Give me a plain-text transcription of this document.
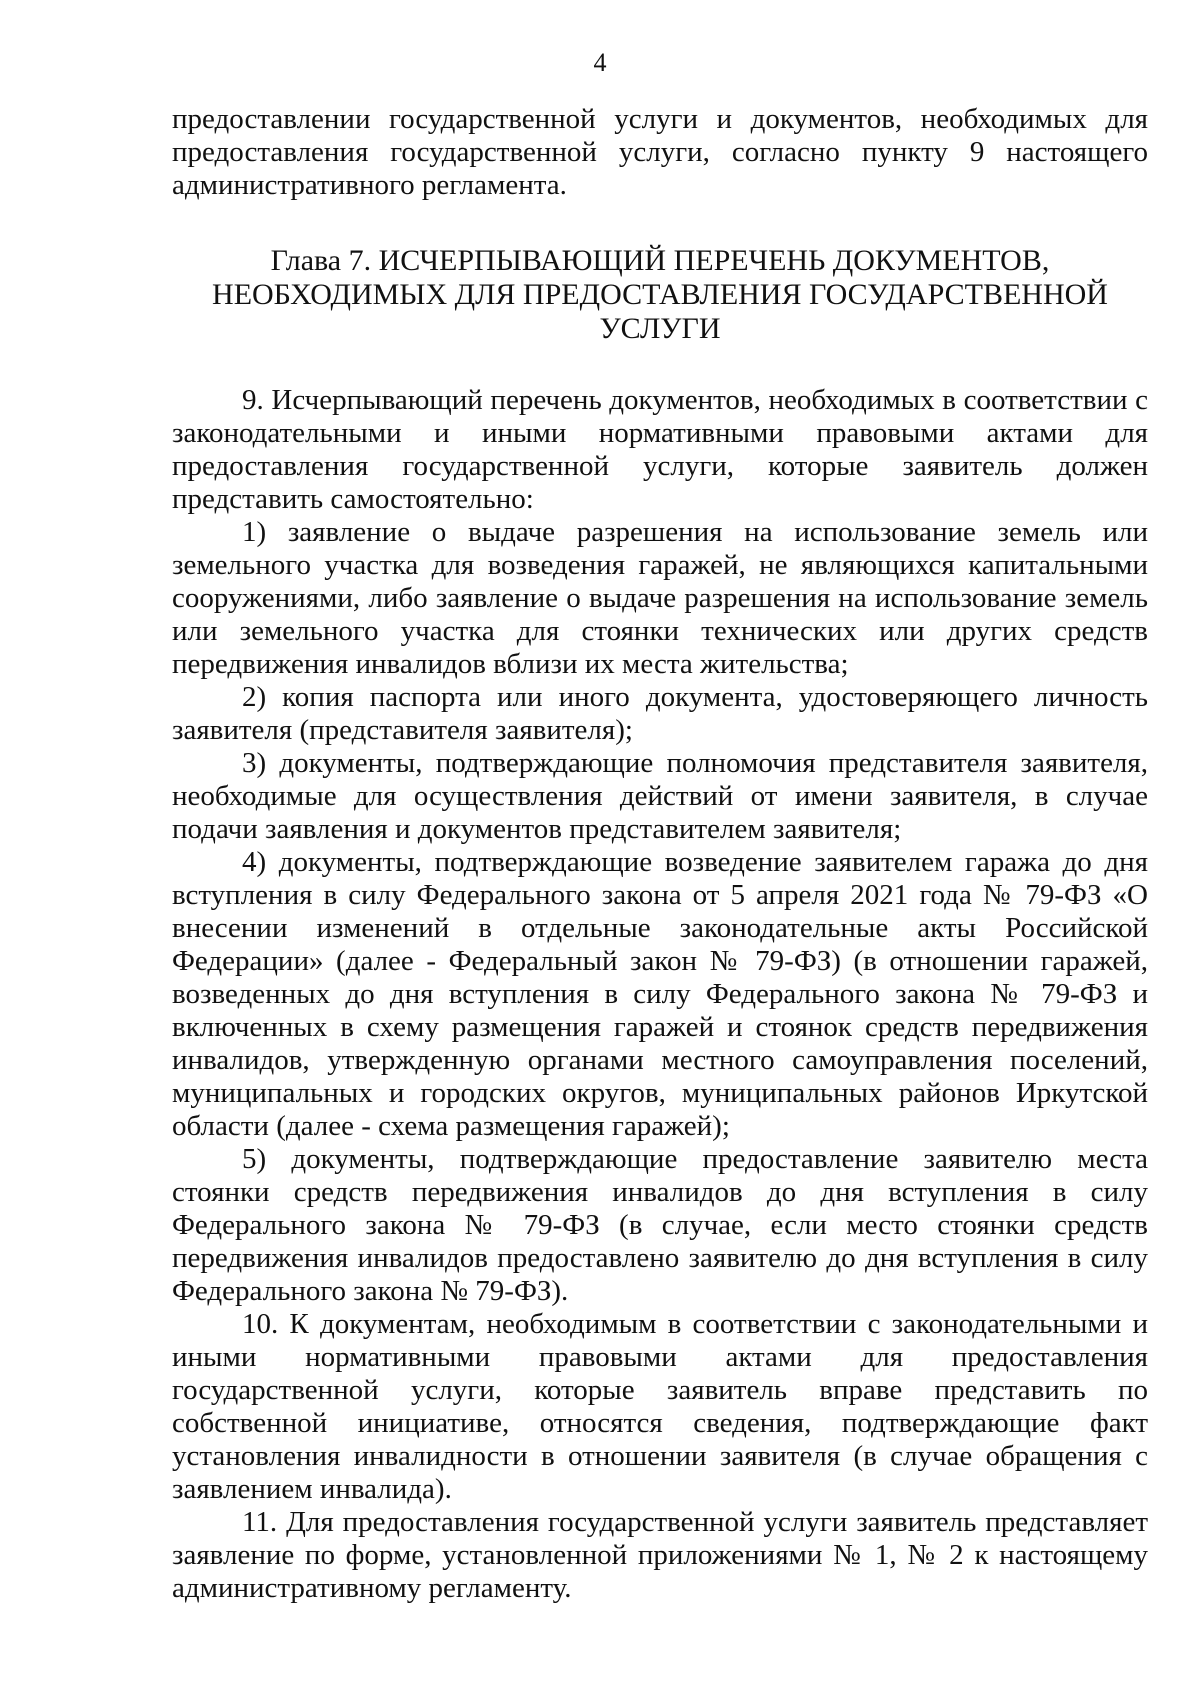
4

предоставлении государственной услуги и документов, необходимых для предоставления государственной услуги, согласно пункту 9 настоящего административного регламента.

Глава 7. ИСЧЕРПЫВАЮЩИЙ ПЕРЕЧЕНЬ ДОКУМЕНТОВ,
НЕОБХОДИМЫХ ДЛЯ ПРЕДОСТАВЛЕНИЯ ГОСУДАРСТВЕННОЙ
УСЛУГИ

9. Исчерпывающий перечень документов, необходимых в соответствии с законодательными и иными нормативными правовыми актами для предоставления государственной услуги, которые заявитель должен представить самостоятельно:

1) заявление о выдаче разрешения на использование земель или земельного участка для возведения гаражей, не являющихся капитальными сооружениями, либо заявление о выдаче разрешения на использование земель или земельного участка для стоянки технических или других средств передвижения инвалидов вблизи их места жительства;

2) копия паспорта или иного документа, удостоверяющего личность заявителя (представителя заявителя);

3) документы, подтверждающие полномочия представителя заявителя, необходимые для осуществления действий от имени заявителя, в случае подачи заявления и документов представителем заявителя;

4) документы, подтверждающие возведение заявителем гаража до дня вступления в силу Федерального закона от 5 апреля 2021 года № 79-ФЗ «О внесении изменений в отдельные законодательные акты Российской Федерации» (далее - Федеральный закон № 79-ФЗ) (в отношении гаражей, возведенных до дня вступления в силу Федерального закона № 79-ФЗ и включенных в схему размещения гаражей и стоянок средств передвижения инвалидов, утвержденную органами местного самоуправления поселений, муниципальных и городских округов, муниципальных районов Иркутской области (далее - схема размещения гаражей);

5) документы, подтверждающие предоставление заявителю места стоянки средств передвижения инвалидов до дня вступления в силу Федерального закона № 79-ФЗ (в случае, если место стоянки средств передвижения инвалидов предоставлено заявителю до дня вступления в силу Федерального закона № 79-ФЗ).

10. К документам, необходимым в соответствии с законодательными и иными нормативными правовыми актами для предоставления государственной услуги, которые заявитель вправе представить по собственной инициативе, относятся сведения, подтверждающие факт установления инвалидности в отношении заявителя (в случае обращения с заявлением инвалида).

11. Для предоставления государственной услуги заявитель представляет заявление по форме, установленной приложениями № 1, № 2 к настоящему административному регламенту.
